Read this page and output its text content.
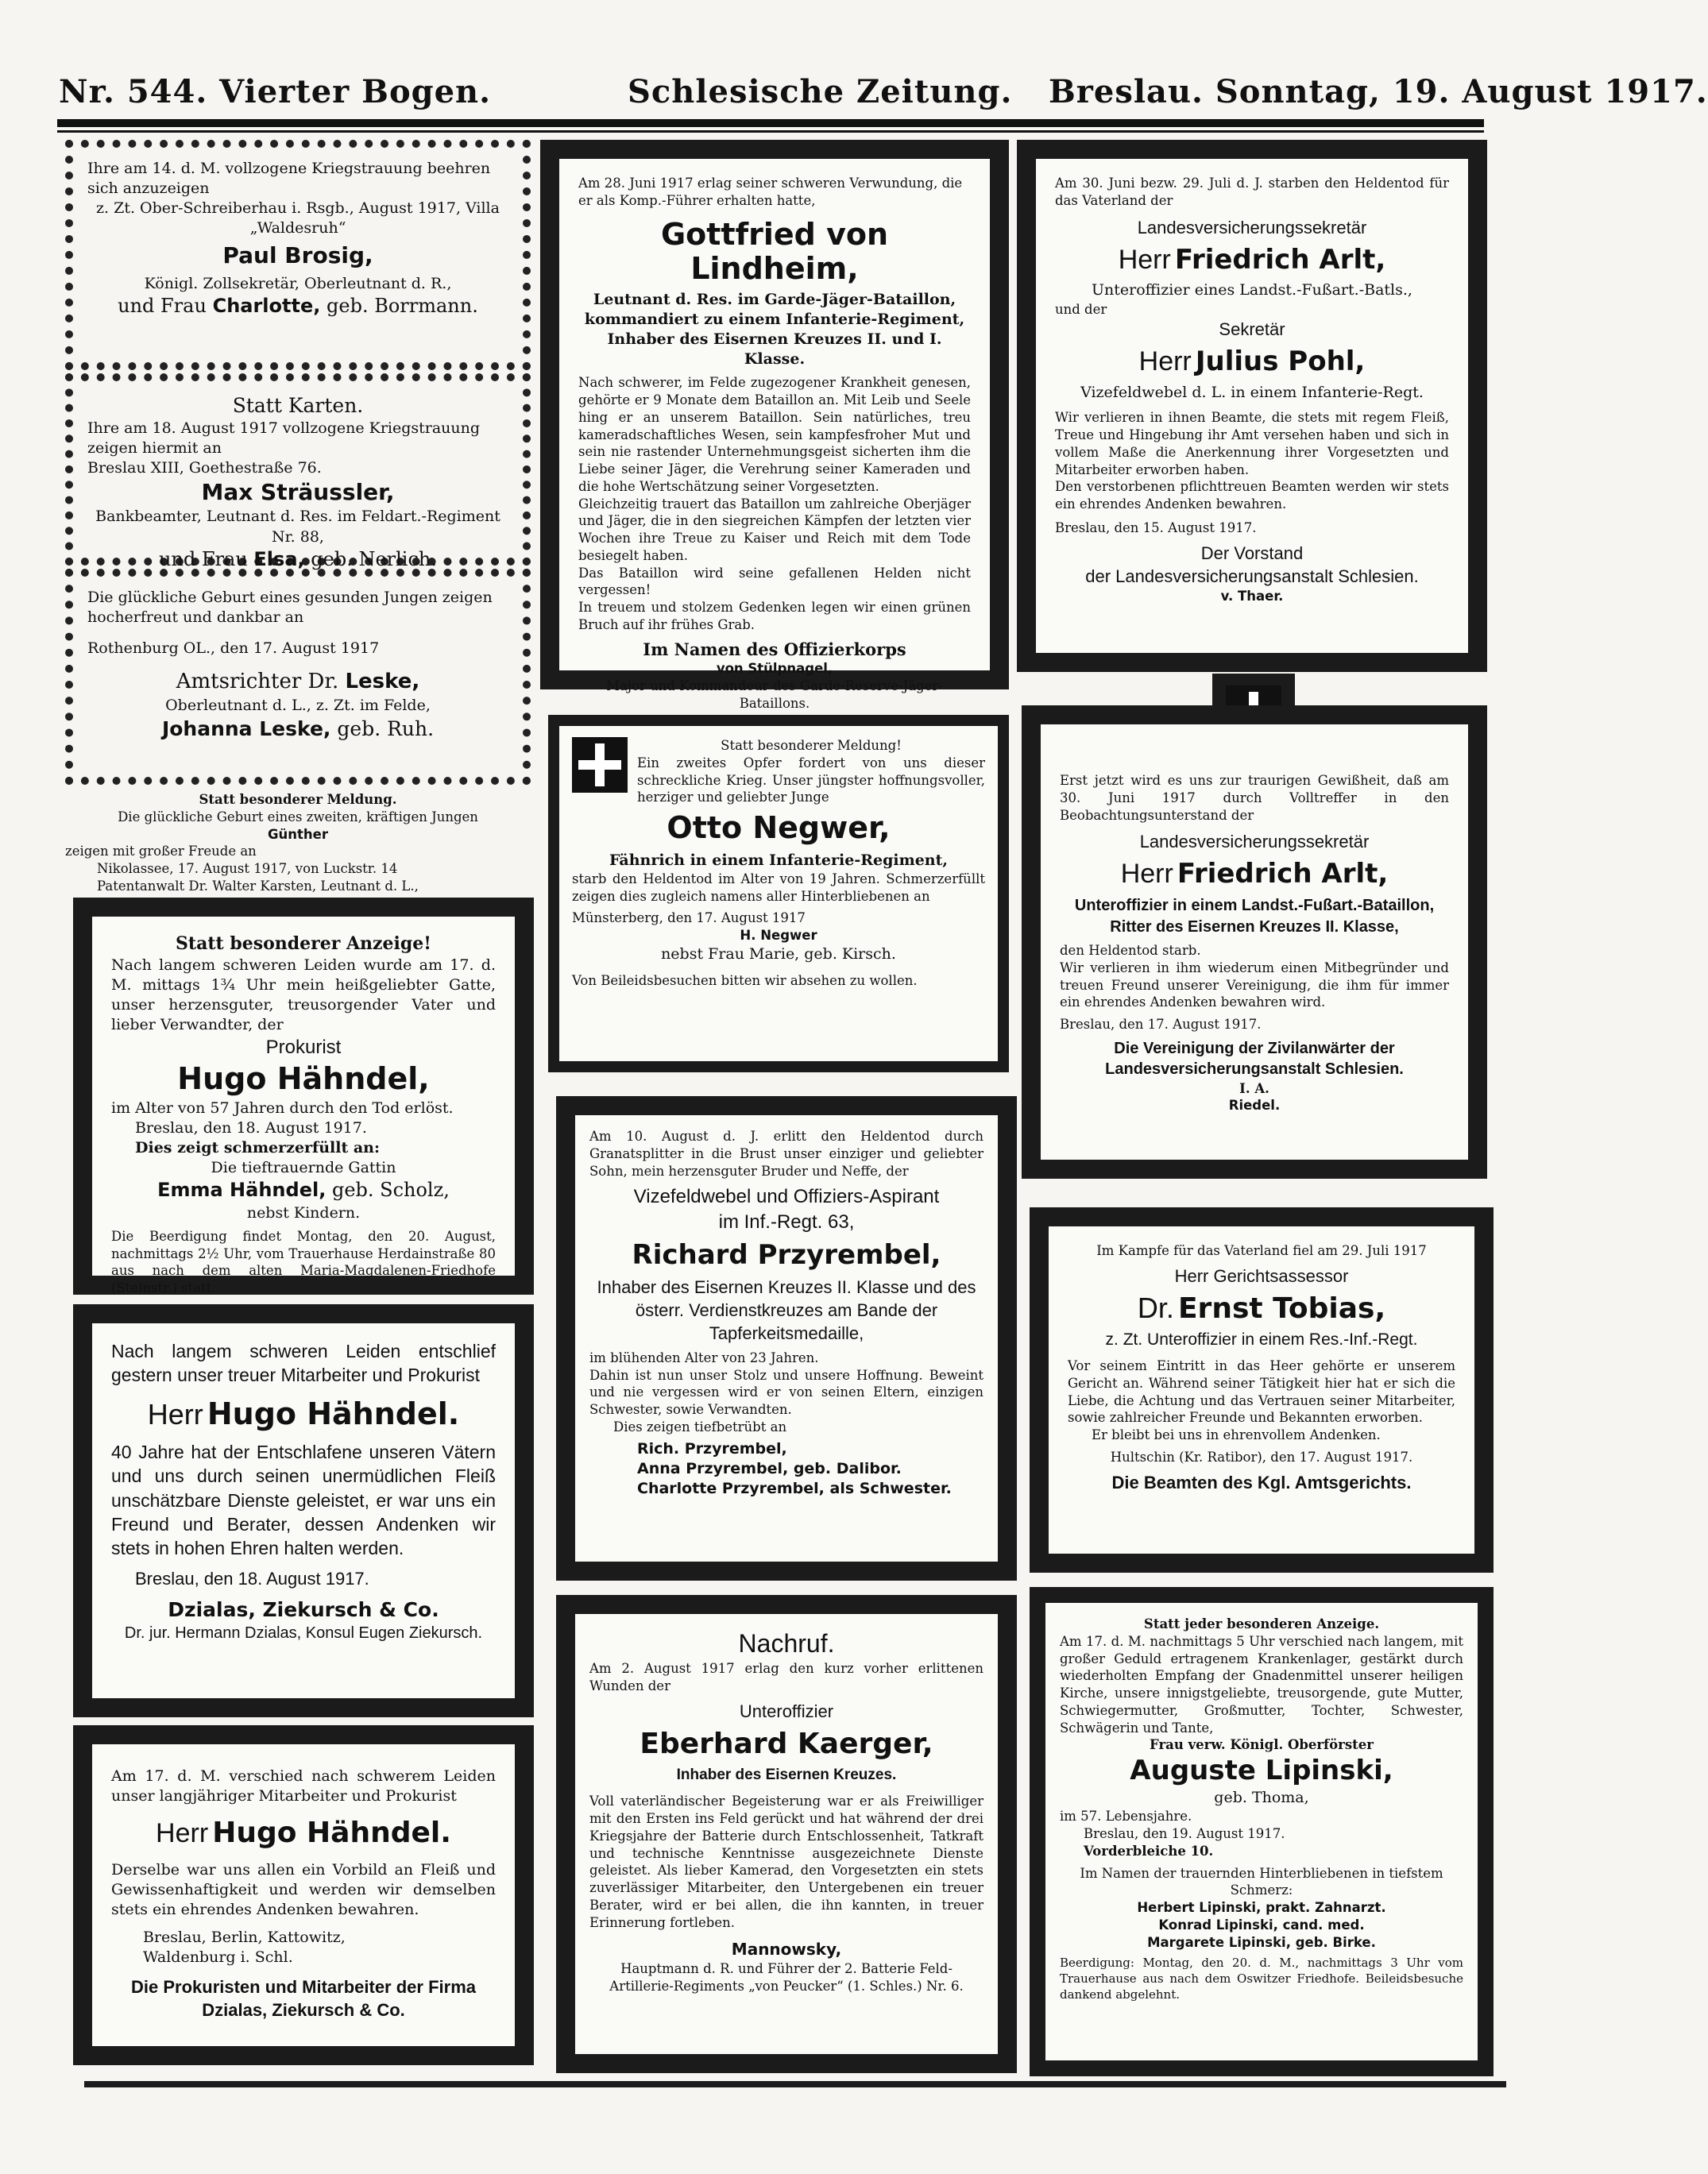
Nr. 544. Vierter Bogen.	Schlesische Zeitung. Breslau. Sonntag, 19. August 1917.

Ihre am 14. d. M. vollzogene Kriegstrauung beehren sich anzuzeigen

z. Zt. Ober-Schreiberhau i. Rsgb., August 1917, Villa „Waldesruh“

Paul Brosig,

Königl. Zollsekretär, Oberleutnant d. R.,

und Frau Charlotte, geb. Borrmann.

Statt Karten.

Ihre am 18. August 1917 vollzogene Kriegstrauung zeigen hiermit an

Breslau XIII, Goethestraße 76.

Max Sträussler,

Bankbeamter, Leutnant d. Res. im Feldart.-Regiment Nr. 88,

und Frau Elsa, geb. Nerlich.

Die glückliche Geburt eines gesunden Jungen zeigen hocherfreut und dankbar an

Rothenburg OL., den 17. August 1917

Amtsrichter Dr. Leske,

Oberleutnant d. L., z. Zt. im Felde,

Johanna Leske, geb. Ruh.

Statt besonderer Meldung.

Die glückliche Geburt eines zweiten, kräftigen Jungen

Günther

zeigen mit großer Freude an

Nikolassee, 17. August 1917, von Luckstr. 14

Patentanwalt Dr. Walter Karsten, Leutnant d. L.,

Statt besonderer Anzeige!

Nach langem schweren Leiden wurde am 17. d. M. mittags 1¾ Uhr mein heißgeliebter Gatte, unser herzensguter, treusorgender Vater und lieber Verwandter, der

Prokurist

Hugo Hähndel,

im Alter von 57 Jahren durch den Tod erlöst.

Breslau, den 18. August 1917.

Dies zeigt schmerzerfüllt an:

Die tieftrauernde Gattin

Emma Hähndel, geb. Scholz,

nebst Kindern.

Die Beerdigung findet Montag, den 20. August, nachmittags 2½ Uhr, vom Trauerhause Herdainstraße 80 aus nach dem alten Maria-Magdalenen-Friedhofe (Steinstr.) statt.

Nach langem schweren Leiden entschlief gestern unser treuer Mitarbeiter und Prokurist

Herr Hugo Hähndel.

40 Jahre hat der Entschlafene unseren Vätern und uns durch seinen unermüdlichen Fleiß unschätzbare Dienste geleistet, er war uns ein Freund und Berater, dessen Andenken wir stets in hohen Ehren halten werden.

Breslau, den 18. August 1917.

Dzialas, Ziekursch & Co.

Dr. jur. Hermann Dzialas, Konsul Eugen Ziekursch.

Am 17. d. M. verschied nach schwerem Leiden unser langjähriger Mitarbeiter und Prokurist

Herr Hugo Hähndel.

Derselbe war uns allen ein Vorbild an Fleiß und Gewissenhaftigkeit und werden wir demselben stets ein ehrendes Andenken bewahren.

Breslau, Berlin, Kattowitz, Waldenburg i. Schl.

Die Prokuristen und Mitarbeiter der Firma

Dzialas, Ziekursch & Co.

Am 28. Juni 1917 erlag seiner schweren Verwundung, die er als Komp.-Führer erhalten hatte,

Gottfried von Lindheim,

Leutnant d. Res. im Garde-Jäger-Bataillon, kommandiert zu einem Infanterie-Regiment, Inhaber des Eisernen Kreuzes II. und I. Klasse.

Nach schwerer, im Felde zugezogener Krankheit genesen, gehörte er 9 Monate dem Bataillon an. Mit Leib und Seele hing er an unserem Bataillon. Sein natürliches, treu kameradschaftliches Wesen, sein kampfesfroher Mut und sein nie rastender Unternehmungsgeist sicherten ihm die Liebe seiner Jäger, die Verehrung seiner Kameraden und die hohe Wertschätzung seiner Vorgesetzten.

Gleichzeitig trauert das Bataillon um zahlreiche Oberjäger und Jäger, die in den siegreichen Kämpfen der letzten vier Wochen ihre Treue zu Kaiser und Reich mit dem Tode besiegelt haben.

Das Bataillon wird seine gefallenen Helden nicht vergessen!

In treuem und stolzem Gedenken legen wir einen grünen Bruch auf ihr frühes Grab.

Im Namen des Offizierkorps

von Stülpnagel,

Major und Kommandeur des Garde-Reserve-Jäger-Bataillons.

Statt besonderer Meldung!

Ein zweites Opfer fordert von uns dieser schreckliche Krieg. Unser jüngster hoffnungsvoller, herziger und geliebter Junge

Otto Negwer,

Fähnrich in einem Infanterie-Regiment,

starb den Heldentod im Alter von 19 Jahren. Schmerzerfüllt zeigen dies zugleich namens aller Hinterbliebenen an

Münsterberg, den 17. August 1917

H. Negwer

nebst Frau Marie, geb. Kirsch.

Von Beileidsbesuchen bitten wir absehen zu wollen.

Am 10. August d. J. erlitt den Heldentod durch Granatsplitter in die Brust unser einziger und geliebter Sohn, mein herzensguter Bruder und Neffe, der

Vizefeldwebel und Offiziers-Aspirant

im Inf.-Regt. 63,

Richard Przyrembel,

Inhaber des Eisernen Kreuzes II. Klasse und des österr. Verdienstkreuzes am Bande der Tapferkeitsmedaille,

im blühenden Alter von 23 Jahren.

Dahin ist nun unser Stolz und unsere Hoffnung. Beweint und nie vergessen wird er von seinen Eltern, einzigen Schwester, sowie Verwandten.

Dies zeigen tiefbetrübt an

Rich. Przyrembel,

Anna Przyrembel, geb. Dalibor.

Charlotte Przyrembel, als Schwester.

Nachruf.

Am 2. August 1917 erlag den kurz vorher erlittenen Wunden der

Unteroffizier

Eberhard Kaerger,

Inhaber des Eisernen Kreuzes.

Voll vaterländischer Begeisterung war er als Freiwilliger mit den Ersten ins Feld gerückt und hat während der drei Kriegsjahre der Batterie durch Entschlossenheit, Tatkraft und technische Kenntnisse ausgezeichnete Dienste geleistet. Als lieber Kamerad, den Vorgesetzten ein stets zuverlässiger Mitarbeiter, den Untergebenen ein treuer Berater, wird er bei allen, die ihn kannten, in treuer Erinnerung fortleben.

Mannowsky,

Hauptmann d. R. und Führer der 2. Batterie Feld-Artillerie-Regiments „von Peucker“ (1. Schles.) Nr. 6.

Am 30. Juni bezw. 29. Juli d. J. starben den Heldentod für das Vaterland der

Landesversicherungssekretär

Herr Friedrich Arlt,

Unteroffizier eines Landst.-Fußart.-Batls.,

und der

Sekretär

Herr Julius Pohl,

Vizefeldwebel d. L. in einem Infanterie-Regt.

Wir verlieren in ihnen Beamte, die stets mit regem Fleiß, Treue und Hingebung ihr Amt versehen haben und sich in vollem Maße die Anerkennung ihrer Vorgesetzten und Mitarbeiter erworben haben.

Den verstorbenen pflichttreuen Beamten werden wir stets ein ehrendes Andenken bewahren.

Breslau, den 15. August 1917.

Der Vorstand

der Landesversicherungsanstalt Schlesien.

v. Thaer.

Erst jetzt wird es uns zur traurigen Gewißheit, daß am 30. Juni 1917 durch Volltreffer in den Beobachtungsunterstand der

Landesversicherungssekretär

Herr Friedrich Arlt,

Unteroffizier in einem Landst.-Fußart.-Bataillon, Ritter des Eisernen Kreuzes II. Klasse,

den Heldentod starb.

Wir verlieren in ihm wiederum einen Mitbegründer und treuen Freund unserer Vereinigung, die ihm für immer ein ehrendes Andenken bewahren wird.

Breslau, den 17. August 1917.

Die Vereinigung der Zivilanwärter der Landesversicherungsanstalt Schlesien.

I. A.

Riedel.

Im Kampfe für das Vaterland fiel am 29. Juli 1917

Herr Gerichtsassessor

Dr. Ernst Tobias,

z. Zt. Unteroffizier in einem Res.-Inf.-Regt.

Vor seinem Eintritt in das Heer gehörte er unserem Gericht an. Während seiner Tätigkeit hier hat er sich die Liebe, die Achtung und das Vertrauen seiner Mitarbeiter, sowie zahlreicher Freunde und Bekannten erworben.

Er bleibt bei uns in ehrenvollem Andenken.

Hultschin (Kr. Ratibor), den 17. August 1917.

Die Beamten des Kgl. Amtsgerichts.

Statt jeder besonderen Anzeige.

Am 17. d. M. nachmittags 5 Uhr verschied nach langem, mit großer Geduld ertragenem Krankenlager, gestärkt durch wiederholten Empfang der Gnadenmittel unserer heiligen Kirche, unsere innigstgeliebte, treusorgende, gute Mutter, Schwiegermutter, Großmutter, Tochter, Schwester, Schwägerin und Tante,

Frau verw. Königl. Oberförster

Auguste Lipinski,

geb. Thoma,

im 57. Lebensjahre.

Breslau, den 19. August 1917.

Vorderbleiche 10.

Im Namen der trauernden Hinterbliebenen in tiefstem Schmerz:

Herbert Lipinski, prakt. Zahnarzt.

Konrad Lipinski, cand. med.

Margarete Lipinski, geb. Birke.

Beerdigung: Montag, den 20. d. M., nachmittags 3 Uhr vom Trauerhause aus nach dem Oswitzer Friedhofe. Beileidsbesuche dankend abgelehnt.
